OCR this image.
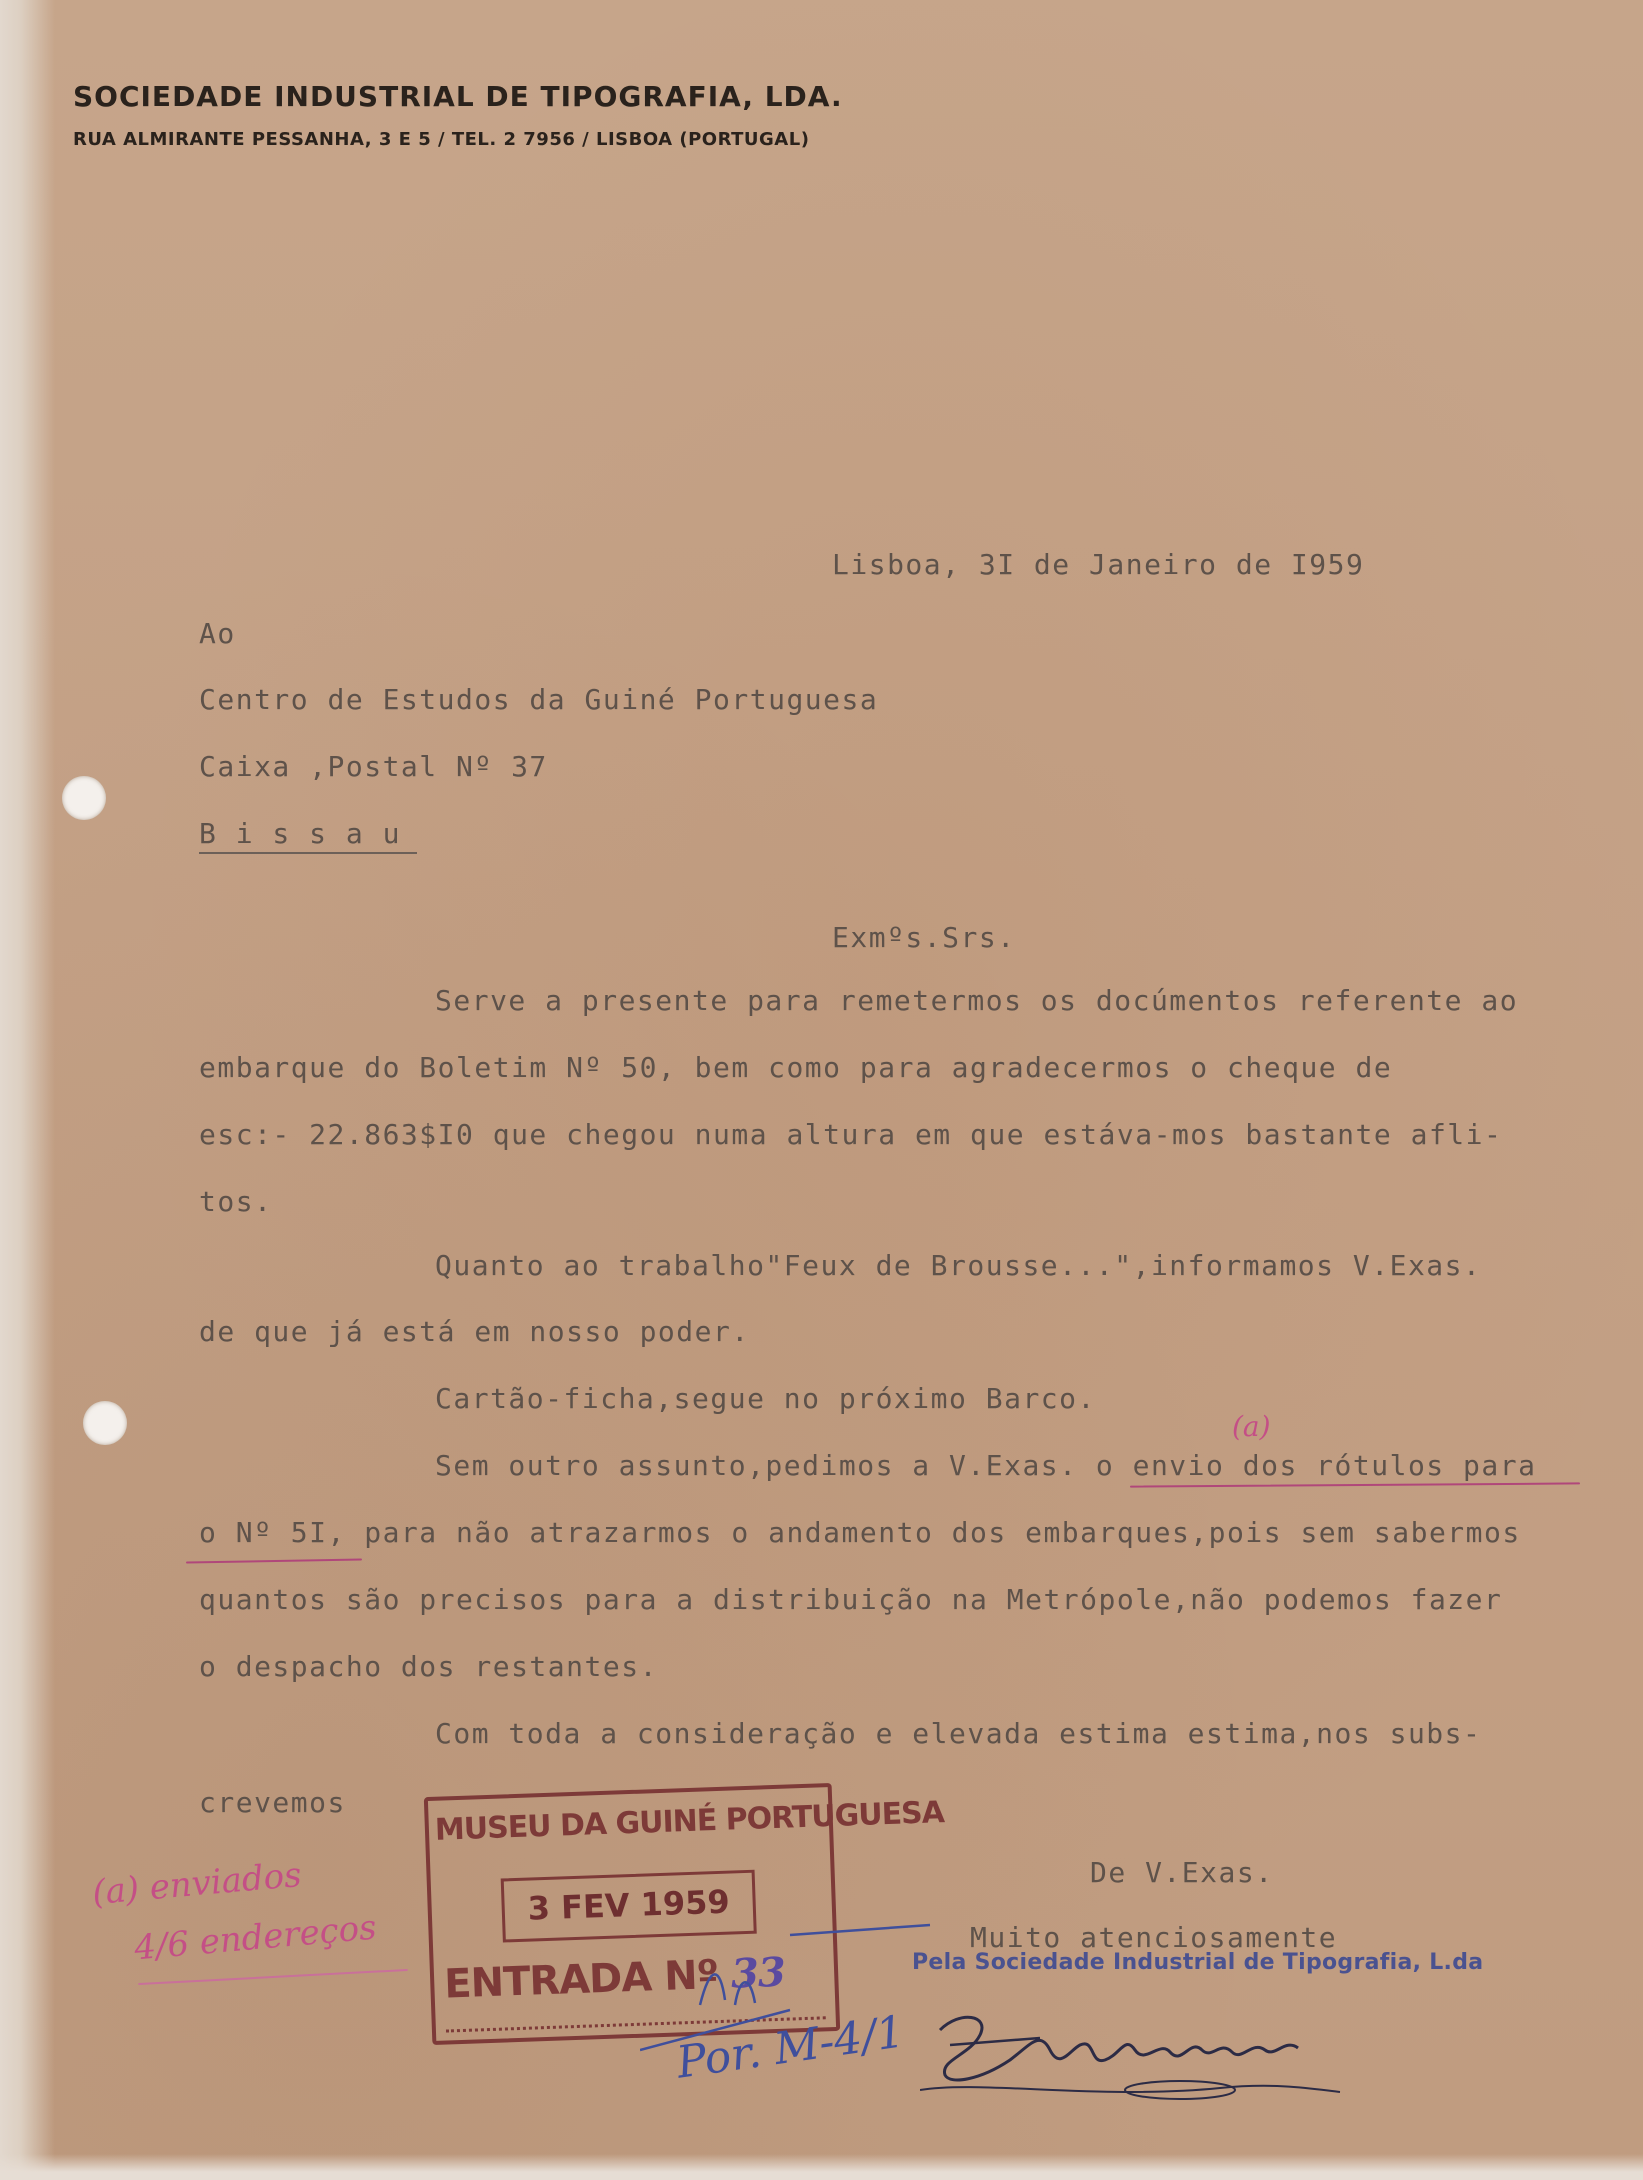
SOCIEDADE INDUSTRIAL DE TIPOGRAFIA, LDA.
RUA ALMIRANTE PESSANHA, 3 E 5 / TEL. 2 7956 / LISBOA (PORTUGAL)
Lisboa, 3I de Janeiro de I959
Ao
Centro de Estudos da Guiné Portuguesa
Caixa ,Postal Nº 37
B i s s a u
Exmºs.Srs.
Serve a presente para remetermos os docúmentos referente ao
embarque do Boletim Nº 50, bem como para agradecermos o cheque de
esc:- 22.863$I0 que chegou numa altura em que estáva-mos bastante afli-
tos.
Quanto ao trabalho"Feux de Brousse...",informamos V.Exas.
de que já está em nosso poder.
Cartão-ficha,segue no próximo Barco.
Sem outro assunto,pedimos a V.Exas. o envio dos rótulos para
o Nº 5I, para não atrazarmos o andamento dos embarques,pois sem sabermos
quantos são precisos para a distribuição na Metrópole,não podemos fazer
o despacho dos restantes.
Com toda a consideração e elevada estima estima,nos subs-
crevemos
(a)
(a) enviados
4/6 endereços
De V.Exas.
Muito atenciosamente
Pela Sociedade Industrial de Tipografia, L.da
MUSEU DA GUINÉ PORTUGUESA
3 FEV 1959
ENTRADA Nº 33
Por. M-4/1
